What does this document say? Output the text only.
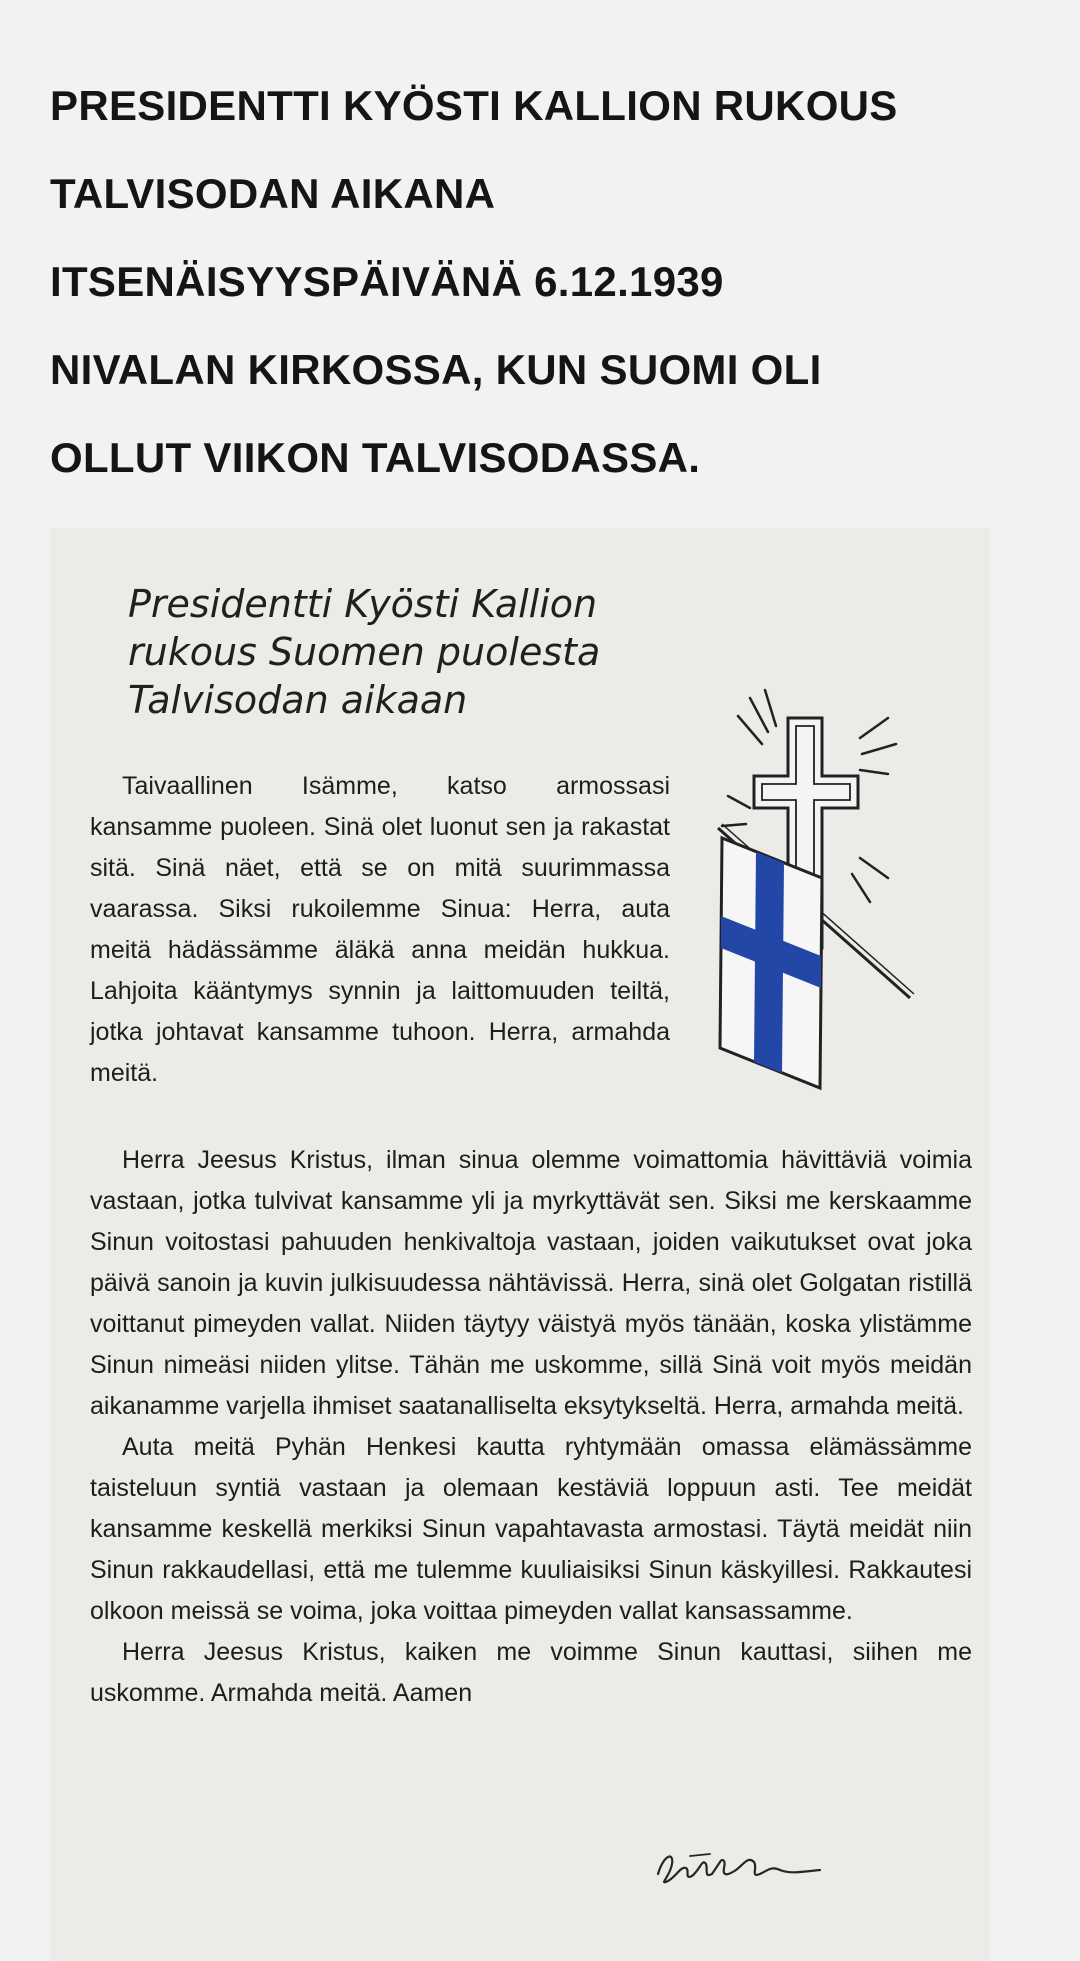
PRESIDENTTI KYÖSTI KALLION RUKOUS
TALVISODAN AIKANA
ITSENÄISYYSPÄIVÄNÄ 6.12.1939
NIVALAN KIRKOSSA, KUN SUOMI OLI
OLLUT VIIKON TALVISODASSA.
Presidentti Kyösti Kallion
rukous Suomen puolesta
Talvisodan aikaan

Taivaallinen Isämme, katso armossasi kansamme puoleen. Sinä olet luonut sen ja rakastat sitä. Sinä näet, että se on mitä suurimmassa vaarassa. Siksi rukoilemme Sinua: Herra, auta meitä hädässämme äläkä anna meidän hukkua. Lahjoita kääntymys synnin ja laittomuuden teiltä, jotka johtavat kansamme tuhoon. Herra, armahda meitä.

Herra Jeesus Kristus, ilman sinua olemme voimattomia hävittäviä voimia vastaan, jotka tulvivat kansamme yli ja myrkyttävät sen. Siksi me kerskaamme Sinun voitostasi pahuuden henkivaltoja vastaan, joiden vaikutukset ovat joka päivä sanoin ja kuvin julkisuudessa nähtävissä. Herra, sinä olet Golgatan ristillä voittanut pimeyden vallat. Niiden täytyy väistyä myös tänään, koska ylistämme Sinun nimeäsi niiden ylitse. Tähän me uskomme, sillä Sinä voit myös meidän aikanamme varjella ihmiset saatanalliselta eksytykseltä. Herra, armahda meitä.

Auta meitä Pyhän Henkesi kautta ryhtymään omassa elämässämme taisteluun syntiä vastaan ja olemaan kestäviä loppuun asti. Tee meidät kansamme keskellä merkiksi Sinun vapahtavasta armostasi. Täytä meidät niin Sinun rakkaudellasi, että me tulemme kuuliaisiksi Sinun käskyillesi. Rakkautesi olkoon meissä se voima, joka voittaa pimeyden vallat kansassamme.

Herra Jeesus Kristus, kaiken me voimme Sinun kauttasi, siihen me uskomme. Armahda meitä. Aamen
